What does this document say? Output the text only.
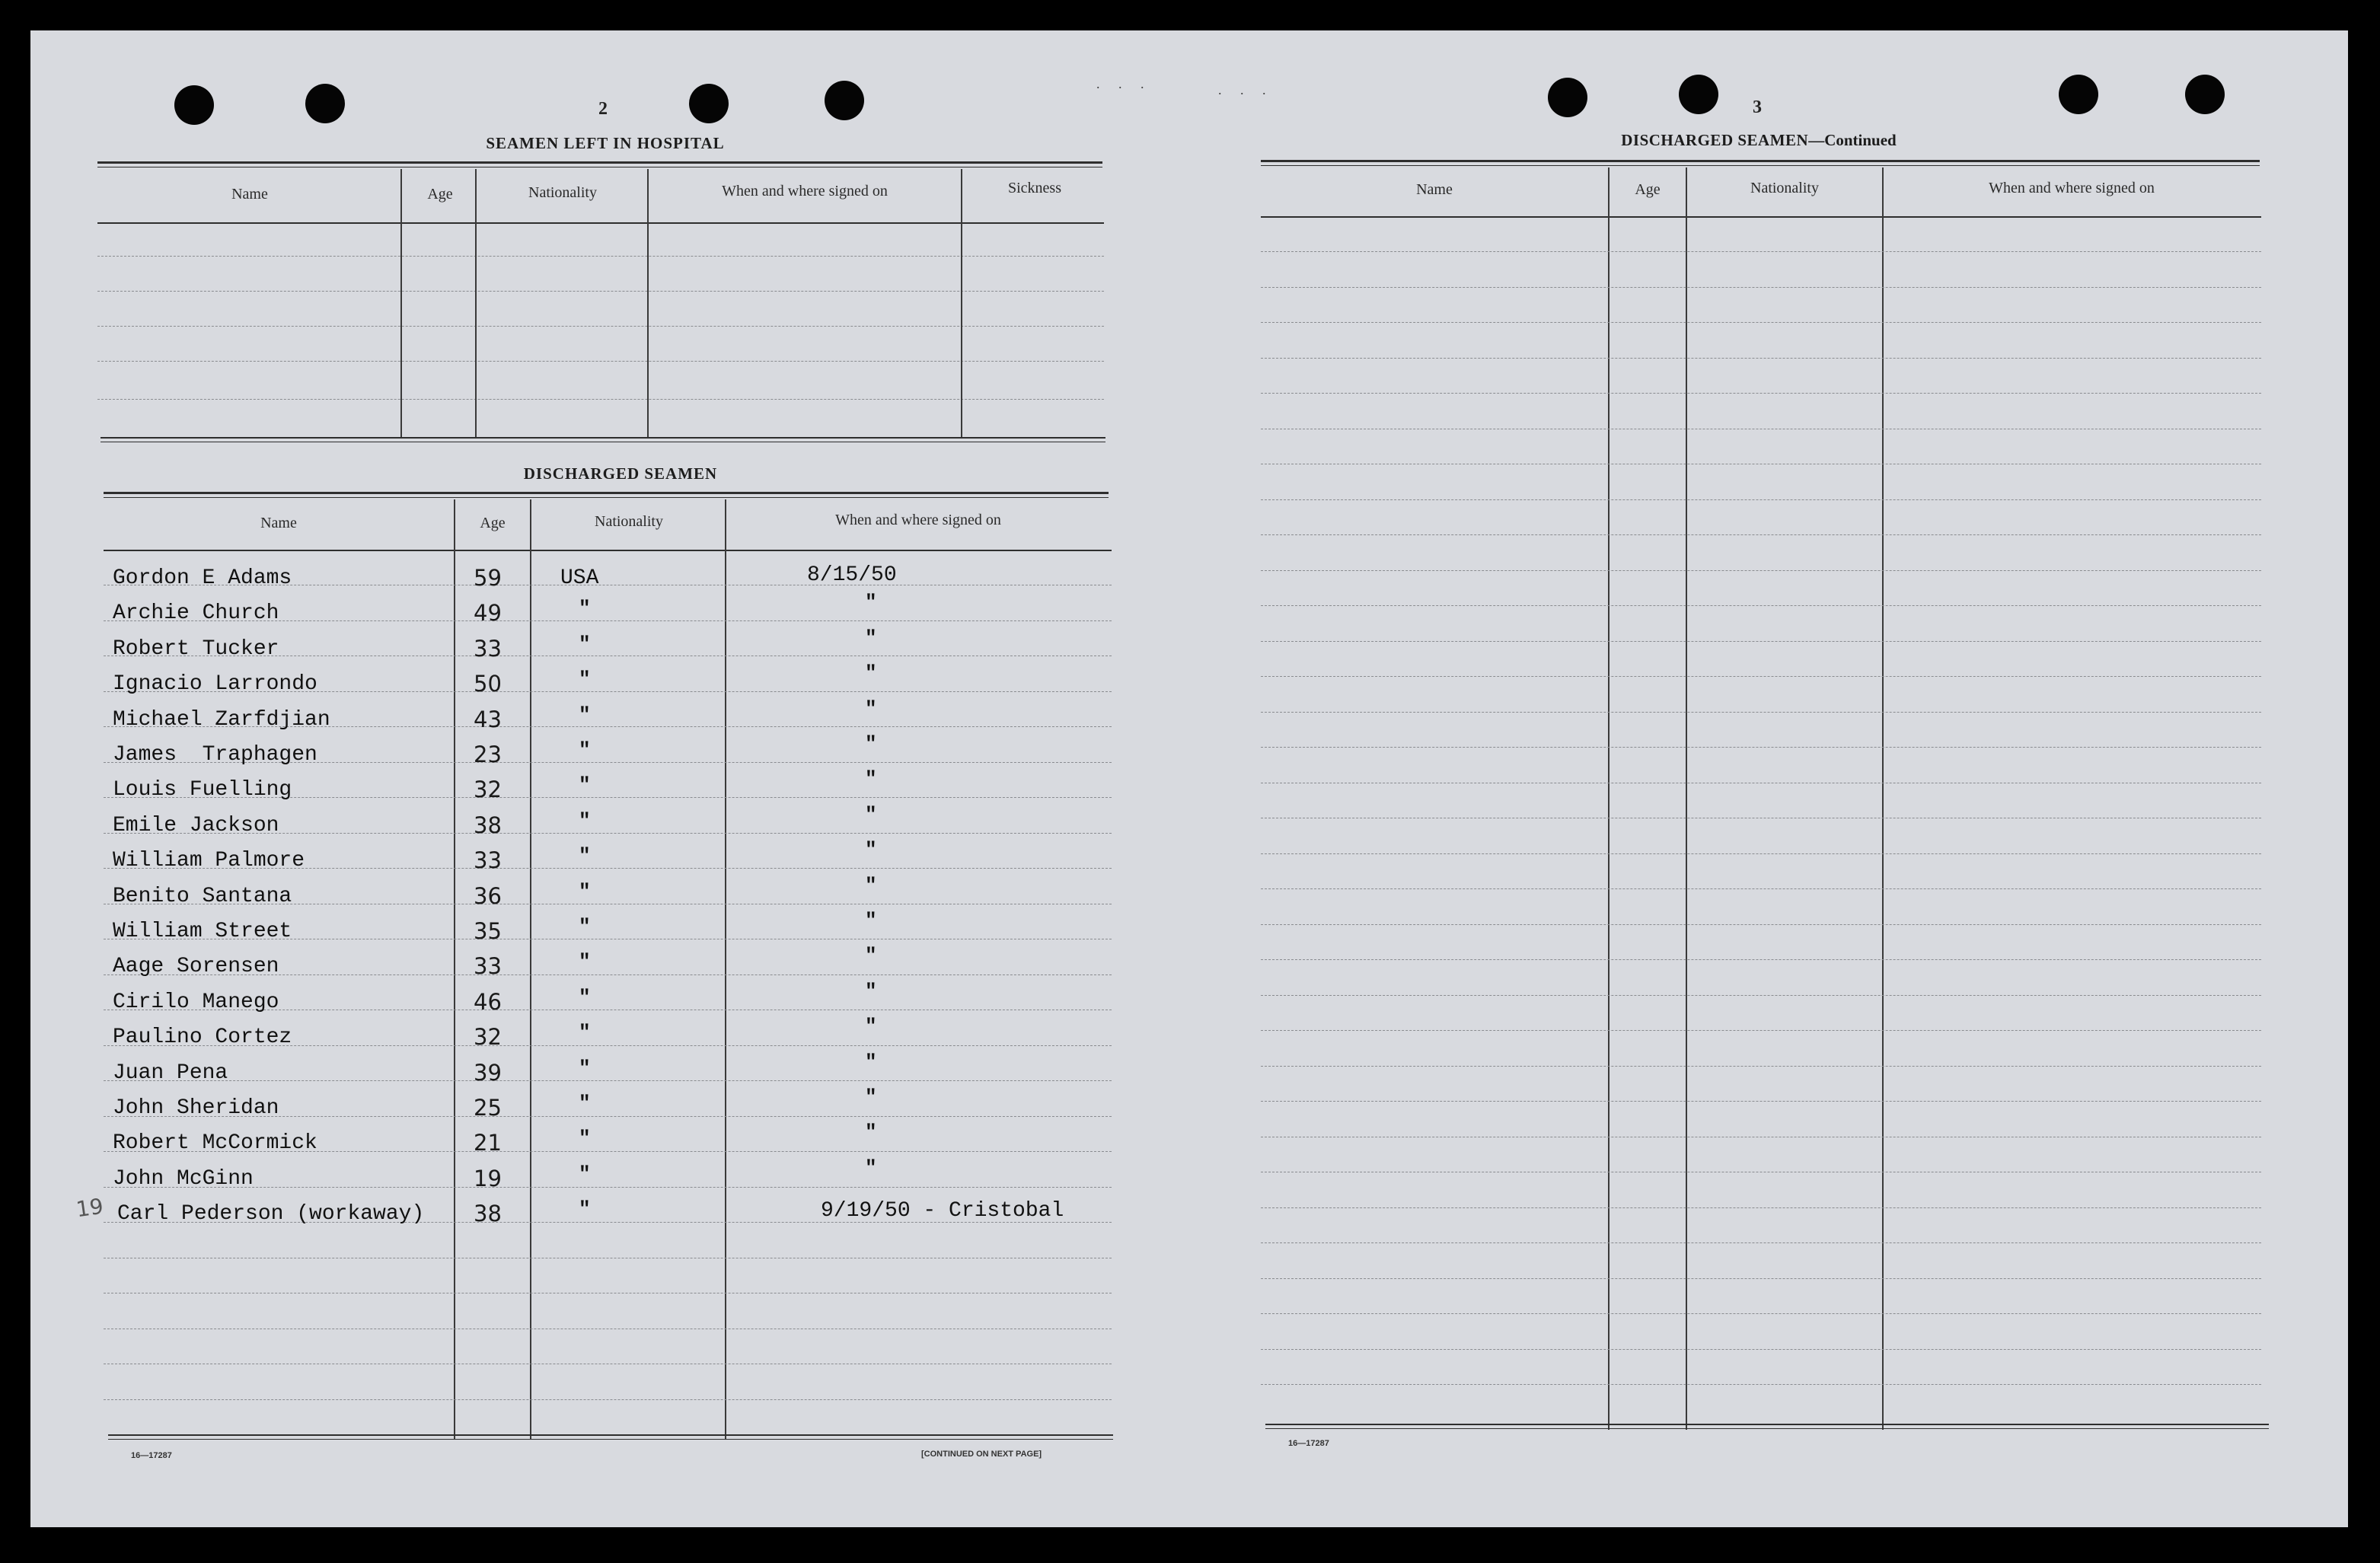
. . .	. . .
2
SEAMEN LEFT IN HOSPITAL
Name	Age	Nationality	When and where signed on	Sickness
DISCHARGED SEAMEN
Name	Age	Nationality	When and where signed on
Gordon E Adams	59	USA	8/15/50
Archie Church	49	"	"
Robert Tucker	33	"	"
Ignacio Larrondo	50	"	"
Michael Zarfdjian	43	"	"
James  Traphagen	23	"	"
Louis Fuelling	32	"	"
Emile Jackson	38	"	"
William Palmore	33	"	"
Benito Santana	36	"	"
William Street	35	"	"
Aage Sorensen	33	"	"
Cirilo Manego	46	"	"
Paulino Cortez	32	"	"
Juan Pena	39	"	"
John Sheridan	25	"	"
Robert McCormick	21	"	"
John McGinn	19	"	"
Carl Pederson (workaway) 38	"	9/19/50 - Cristobal
19
16—17287	[CONTINUED ON NEXT PAGE]
3
DISCHARGED SEAMEN—Continued
Name	Age	Nationality	When and where signed on
16—17287
